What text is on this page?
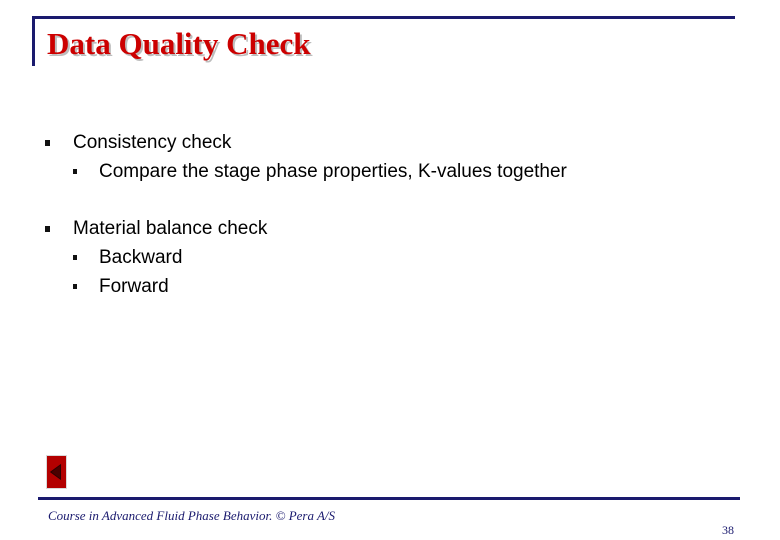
Data Quality Check
Consistency check
Compare the stage phase properties, K-values together
Material balance check
Backward
Forward
Course in Advanced Fluid Phase Behavior. © Pera A/S
38
